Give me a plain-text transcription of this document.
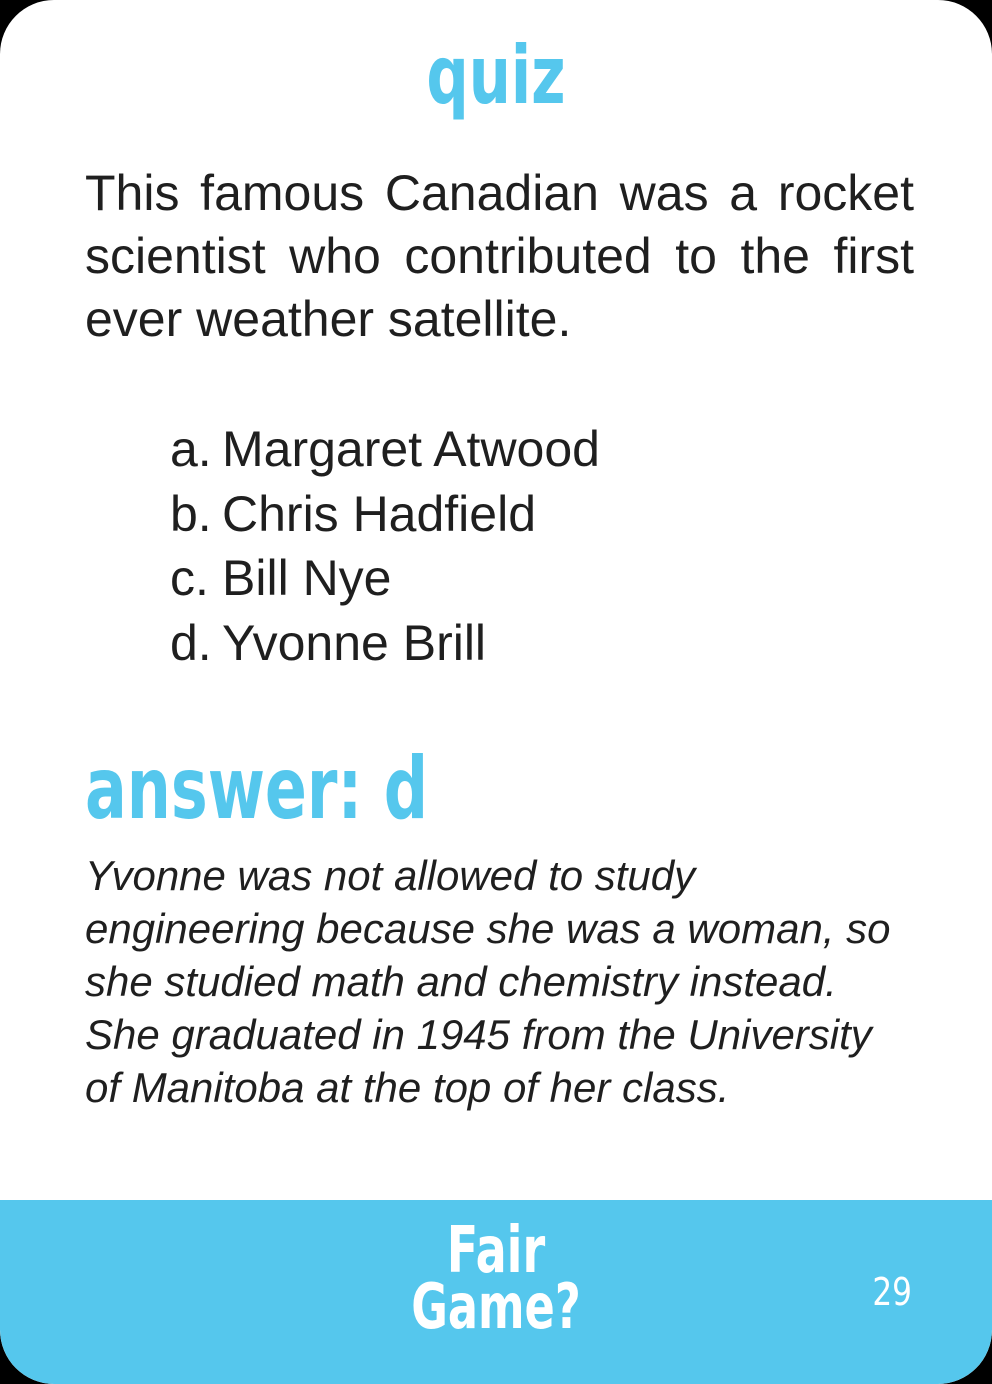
quiz
This famous Canadian was a rocket
scientist who contributed to the first
ever weather satellite.
a. Margaret Atwood
b. Chris Hadfield
c. Bill Nye
d. Yvonne Brill
answer: d
Yvonne was not allowed to study
engineering because she was a woman, so
she studied math and chemistry instead.
She graduated in 1945 from the University
of Manitoba at the top of her class.
Fair
Game?	29
